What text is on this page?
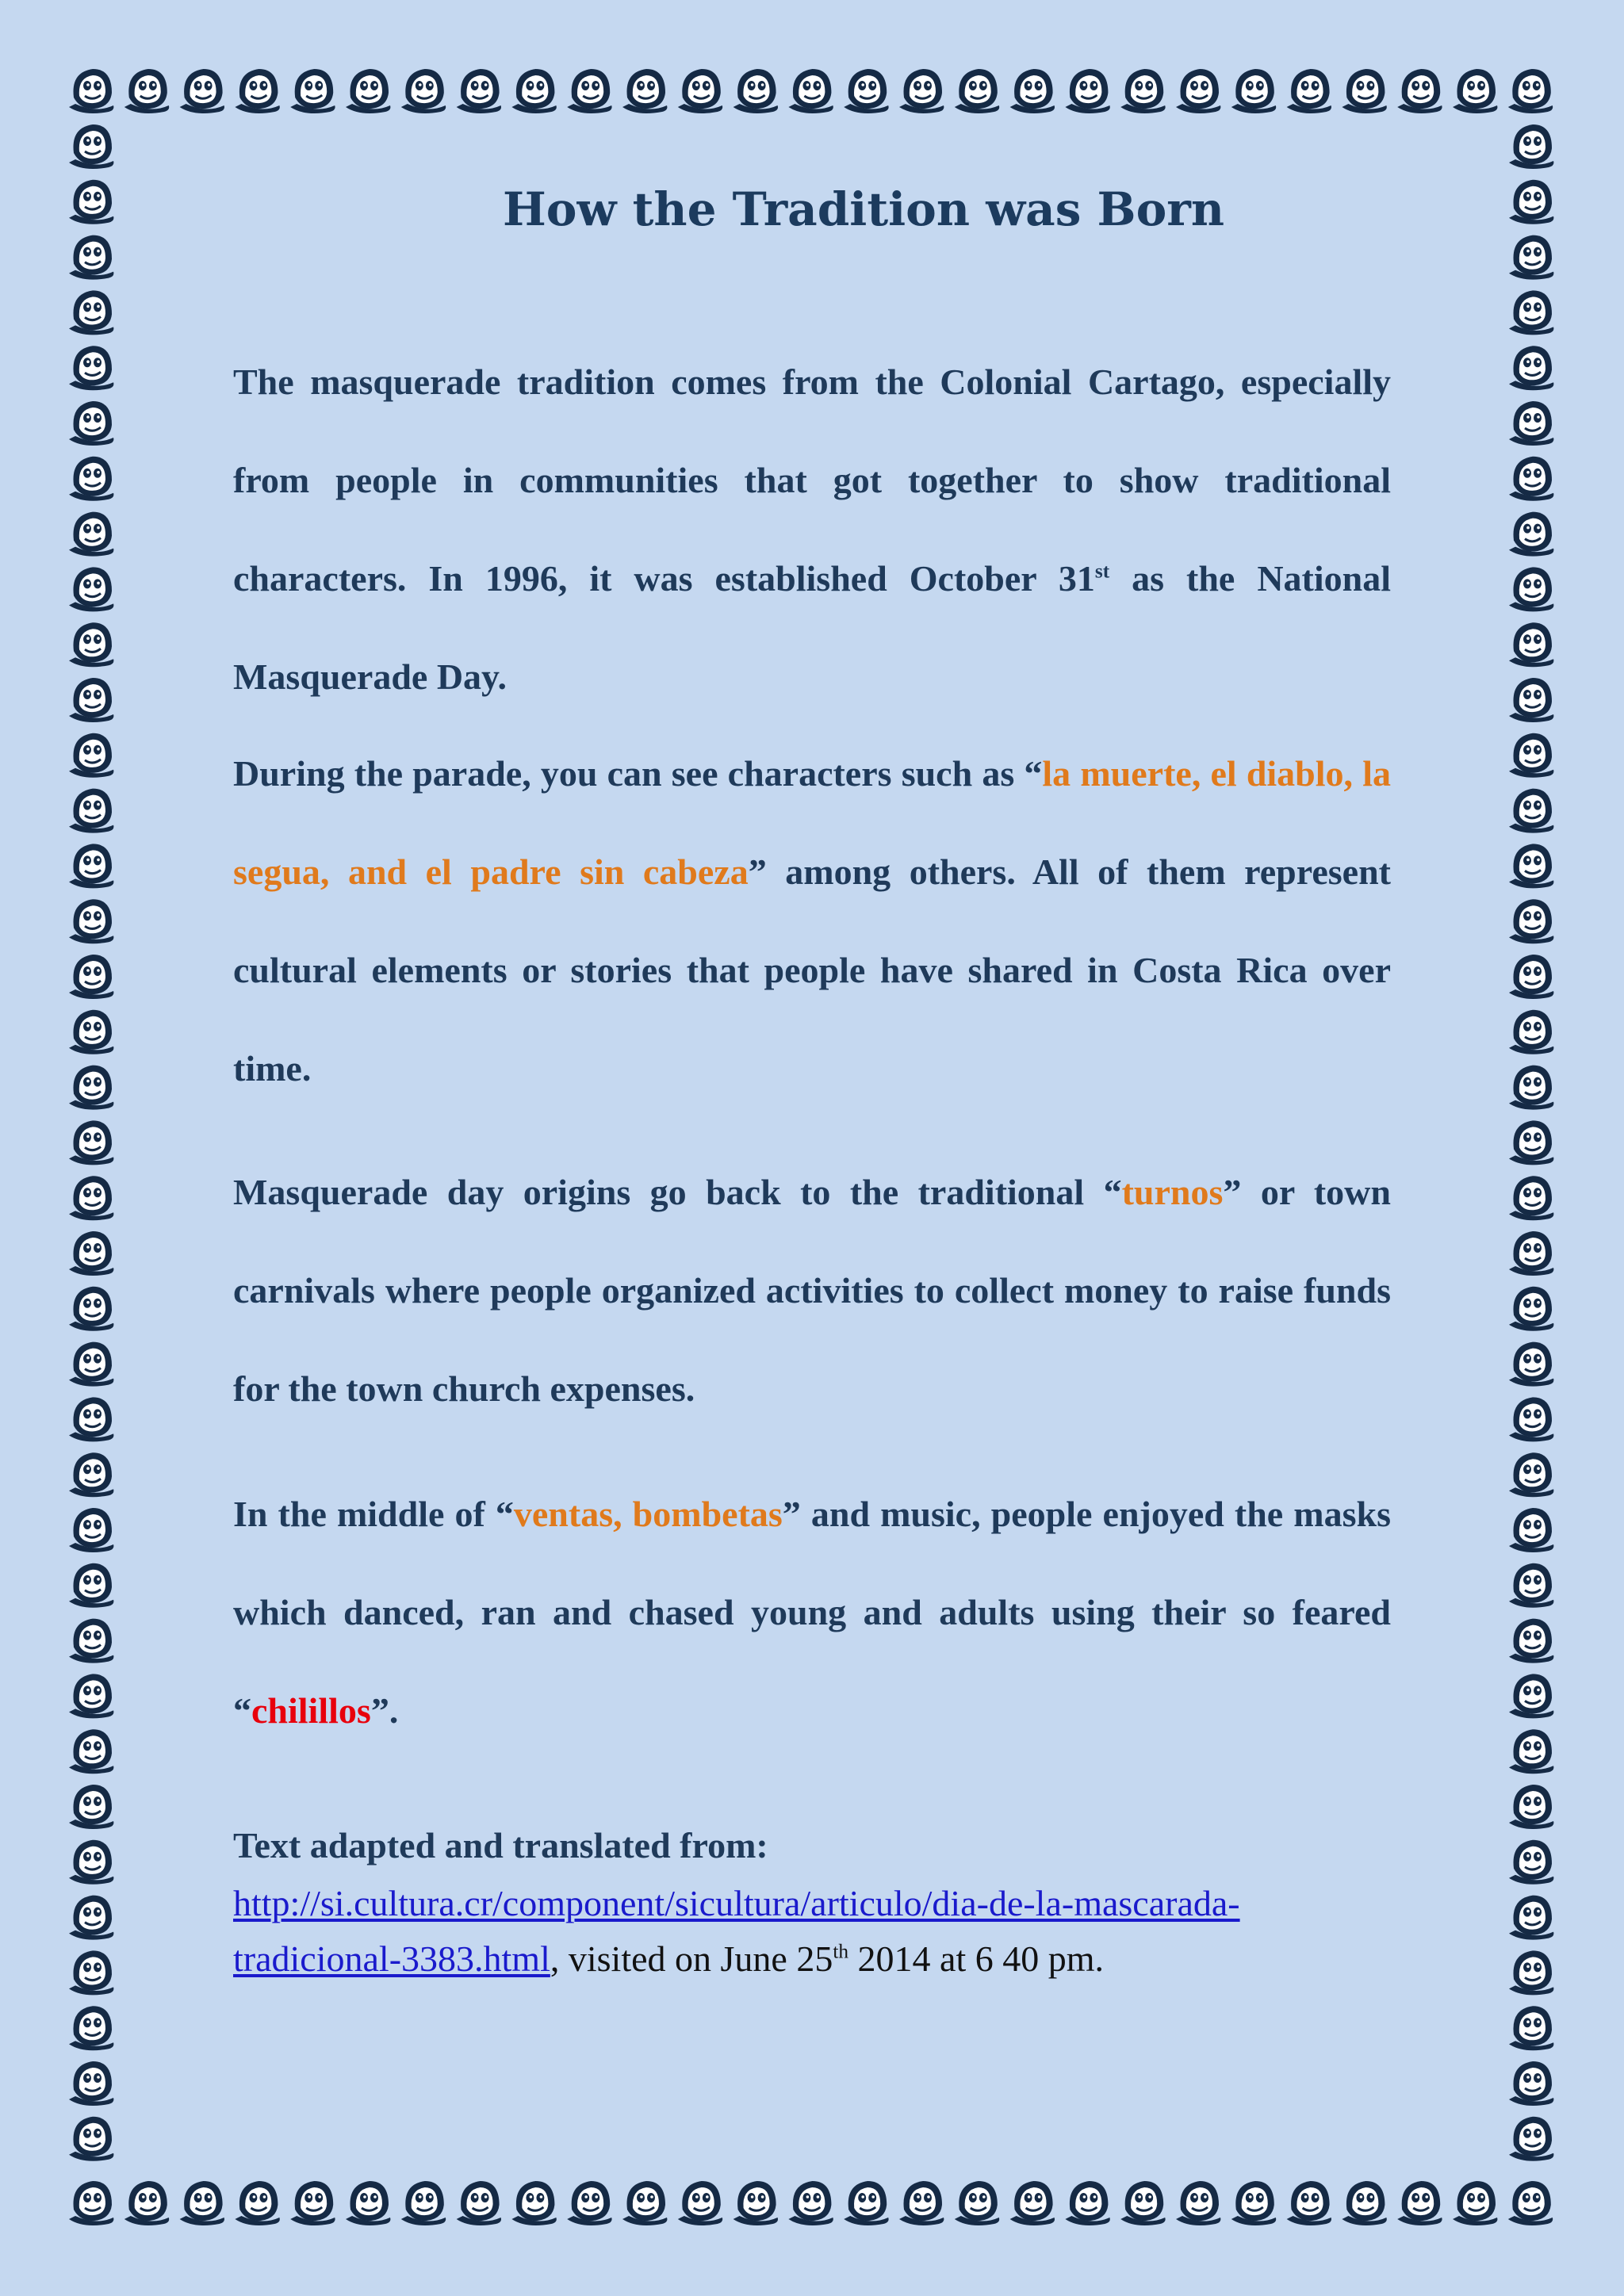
How the Tradition was Born

The masquerade tradition comes from the Colonial Cartago, especially from people in communities that got together to show traditional characters. In 1996, it was established October 31st as the National Masquerade Day.

During the parade, you can see characters such as “la muerte, el diablo, la segua, and el padre sin cabeza” among others. All of them represent cultural elements or stories that people have shared in Costa Rica over time.

Masquerade day origins go back to the traditional “turnos” or town carnivals where people organized activities to collect money to raise funds for the town church expenses.

In the middle of “ventas, bombetas” and music, people enjoyed the masks which danced, ran and chased young and adults using their so feared “chilillos”.

Text adapted and translated from:

http://si.cultura.cr/component/sicultura/articulo/dia-de-la-mascarada-tradicional-3383.html, visited on June 25th 2014 at 6 40 pm.
